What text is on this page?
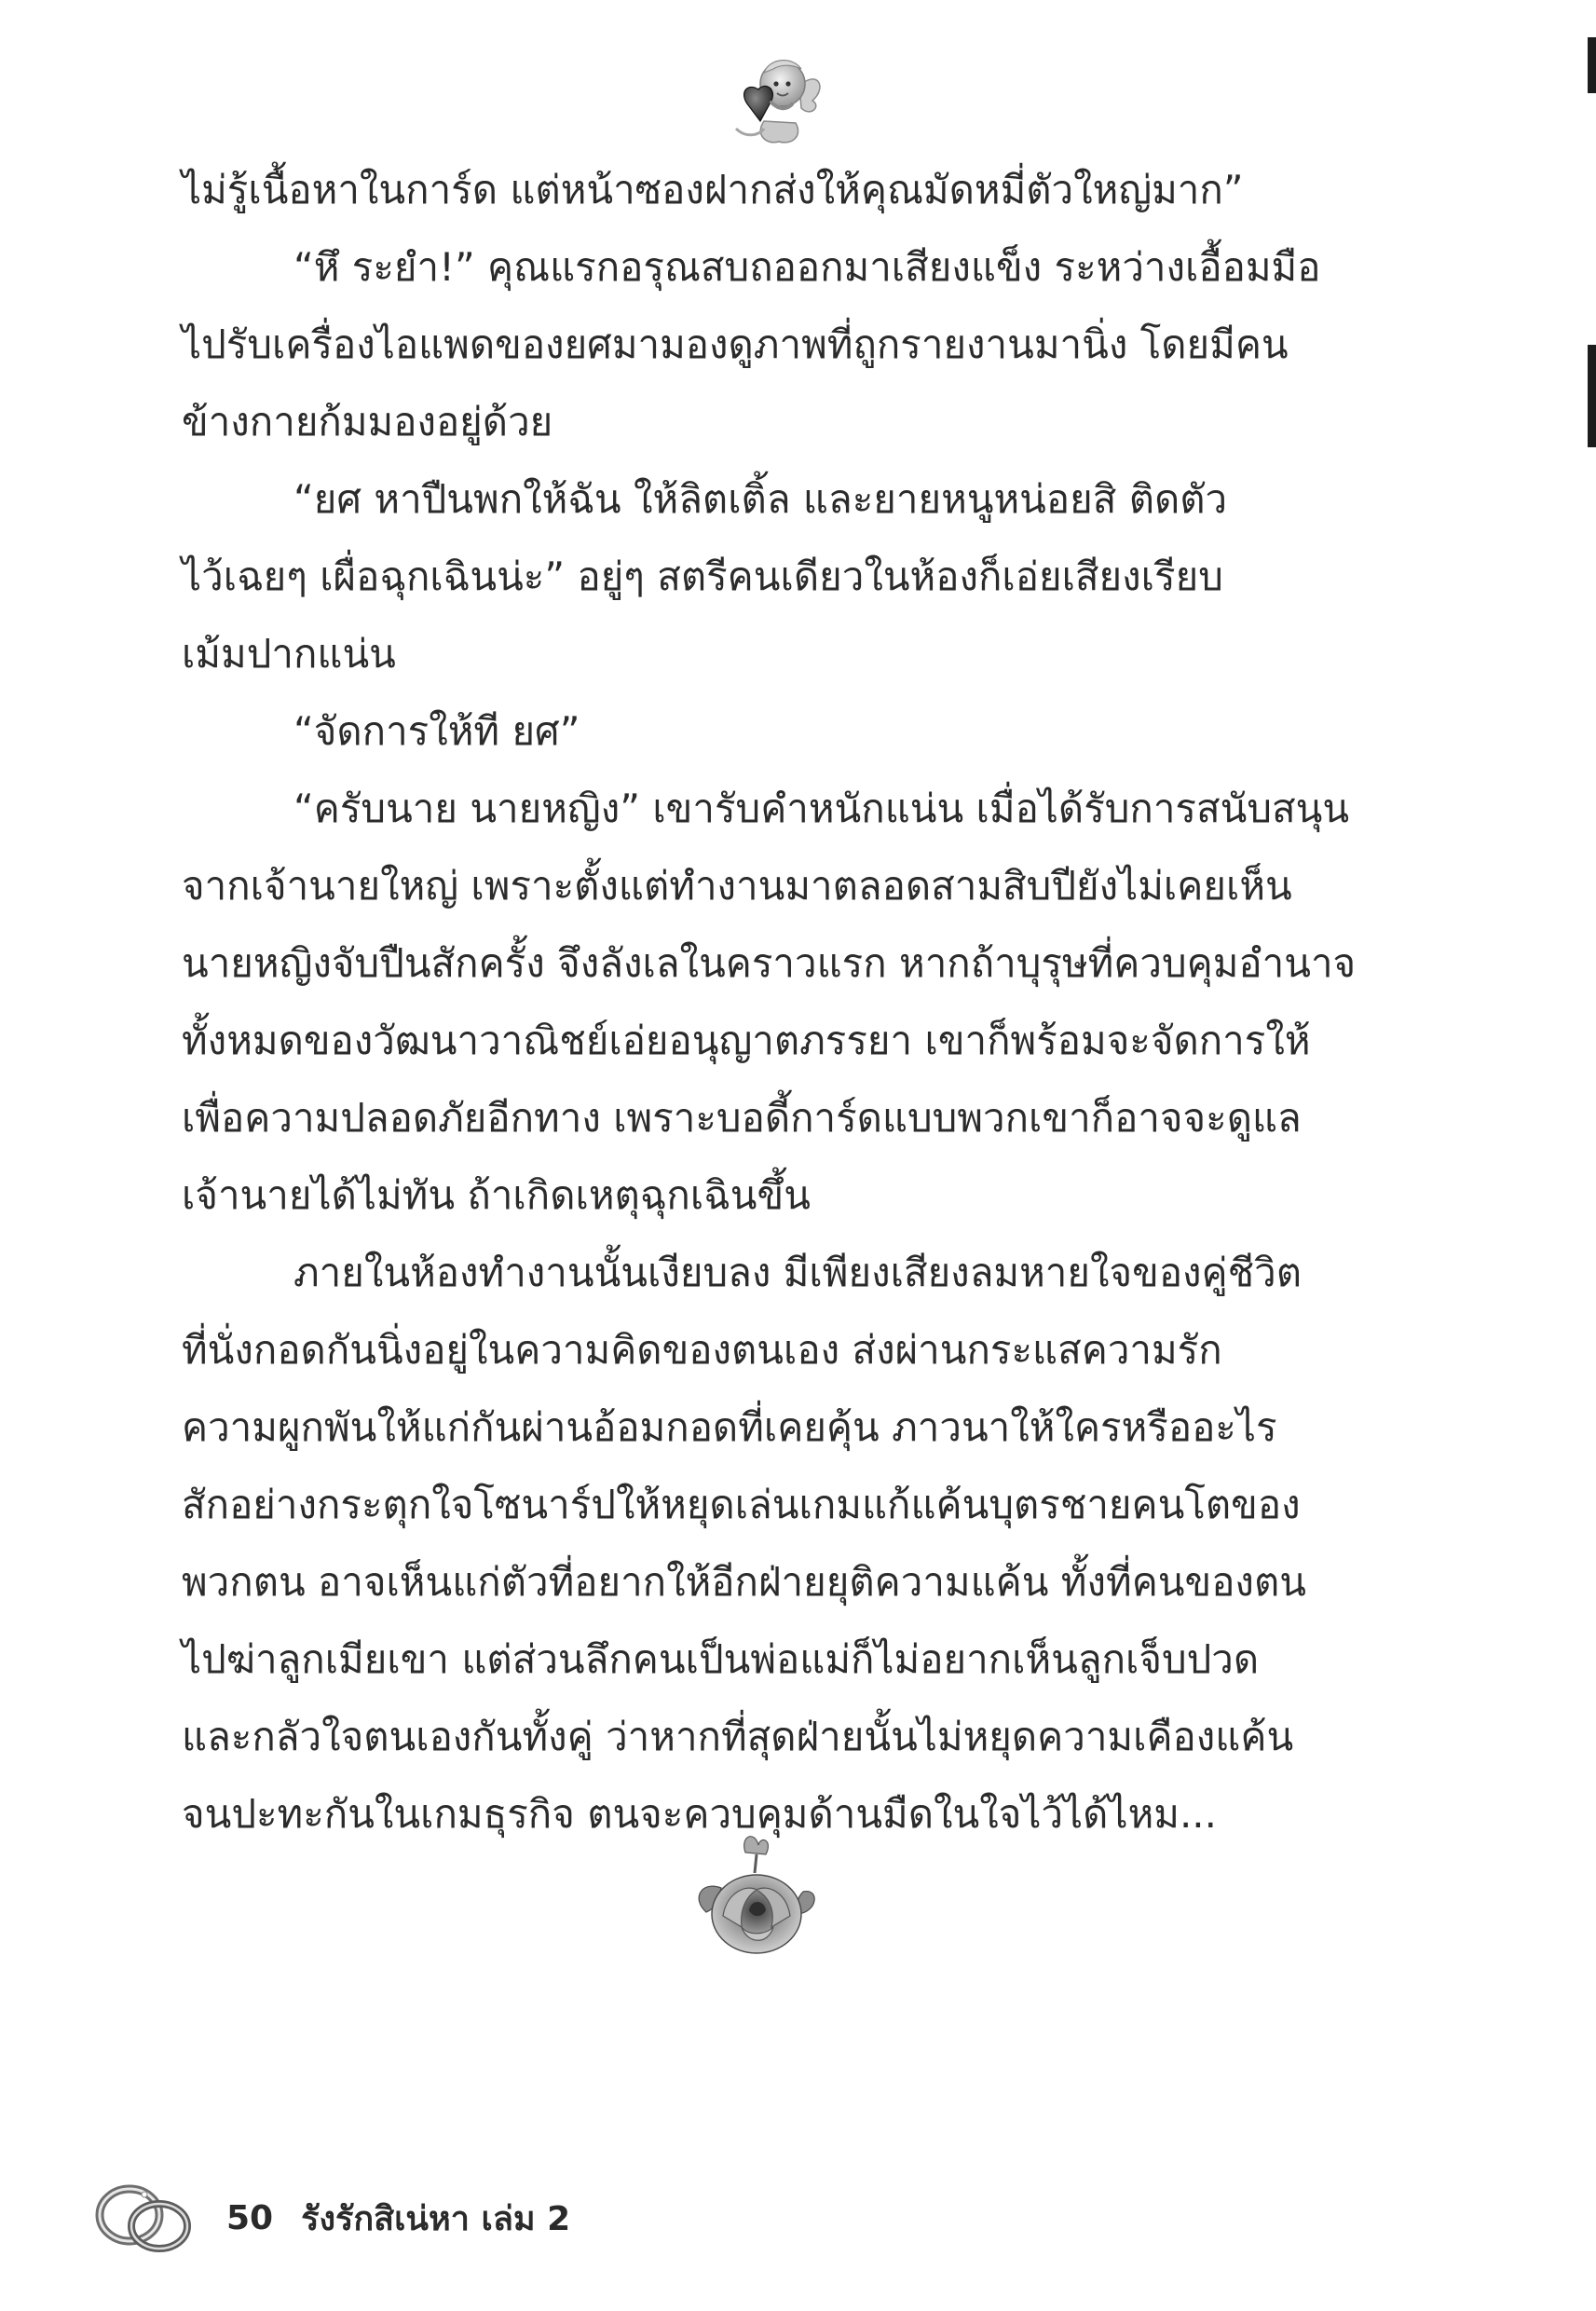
ไม่รู้เนื้อหาในการ์ด แต่หน้าซองฝากส่งให้คุณมัดหมี่ตัวใหญ่มาก”
“หึ ระยำ!” คุณแรกอรุณสบถออกมาเสียงแข็ง ระหว่างเอื้อมมือ
ไปรับเครื่องไอแพดของยศมามองดูภาพที่ถูกรายงานมานิ่ง โดยมีคน
ข้างกายก้มมองอยู่ด้วย
“ยศ หาปืนพกให้ฉัน ให้ลิตเติ้ล และยายหนูหน่อยสิ ติดตัว
ไว้เฉยๆ เผื่อฉุกเฉินน่ะ” อยู่ๆ สตรีคนเดียวในห้องก็เอ่ยเสียงเรียบ
เม้มปากแน่น
“จัดการให้ที ยศ”
“ครับนาย นายหญิง” เขารับคำหนักแน่น เมื่อได้รับการสนับสนุน
จากเจ้านายใหญ่ เพราะตั้งแต่ทำงานมาตลอดสามสิบปียังไม่เคยเห็น
นายหญิงจับปืนสักครั้ง จึงลังเลในคราวแรก หากถ้าบุรุษที่ควบคุมอำนาจ
ทั้งหมดของวัฒนาวาณิชย์เอ่ยอนุญาตภรรยา เขาก็พร้อมจะจัดการให้
เพื่อความปลอดภัยอีกทาง เพราะบอดี้การ์ดแบบพวกเขาก็อาจจะดูแล
เจ้านายได้ไม่ทัน ถ้าเกิดเหตุฉุกเฉินขึ้น
ภายในห้องทำงานนั้นเงียบลง มีเพียงเสียงลมหายใจของคู่ชีวิต
ที่นั่งกอดกันนิ่งอยู่ในความคิดของตนเอง ส่งผ่านกระแสความรัก
ความผูกพันให้แก่กันผ่านอ้อมกอดที่เคยคุ้น ภาวนาให้ใครหรืออะไร
สักอย่างกระตุกใจโซนาร์ปให้หยุดเล่นเกมแก้แค้นบุตรชายคนโตของ
พวกตน อาจเห็นแก่ตัวที่อยากให้อีกฝ่ายยุติความแค้น ทั้งที่คนของตน
ไปฆ่าลูกเมียเขา แต่ส่วนลึกคนเป็นพ่อแม่ก็ไม่อยากเห็นลูกเจ็บปวด
และกลัวใจตนเองกันทั้งคู่ ว่าหากที่สุดฝ่ายนั้นไม่หยุดความเคืองแค้น
จนปะทะกันในเกมธุรกิจ ตนจะควบคุมด้านมืดในใจไว้ได้ไหม...
50 รังรักสิเน่หา เล่ม 2
